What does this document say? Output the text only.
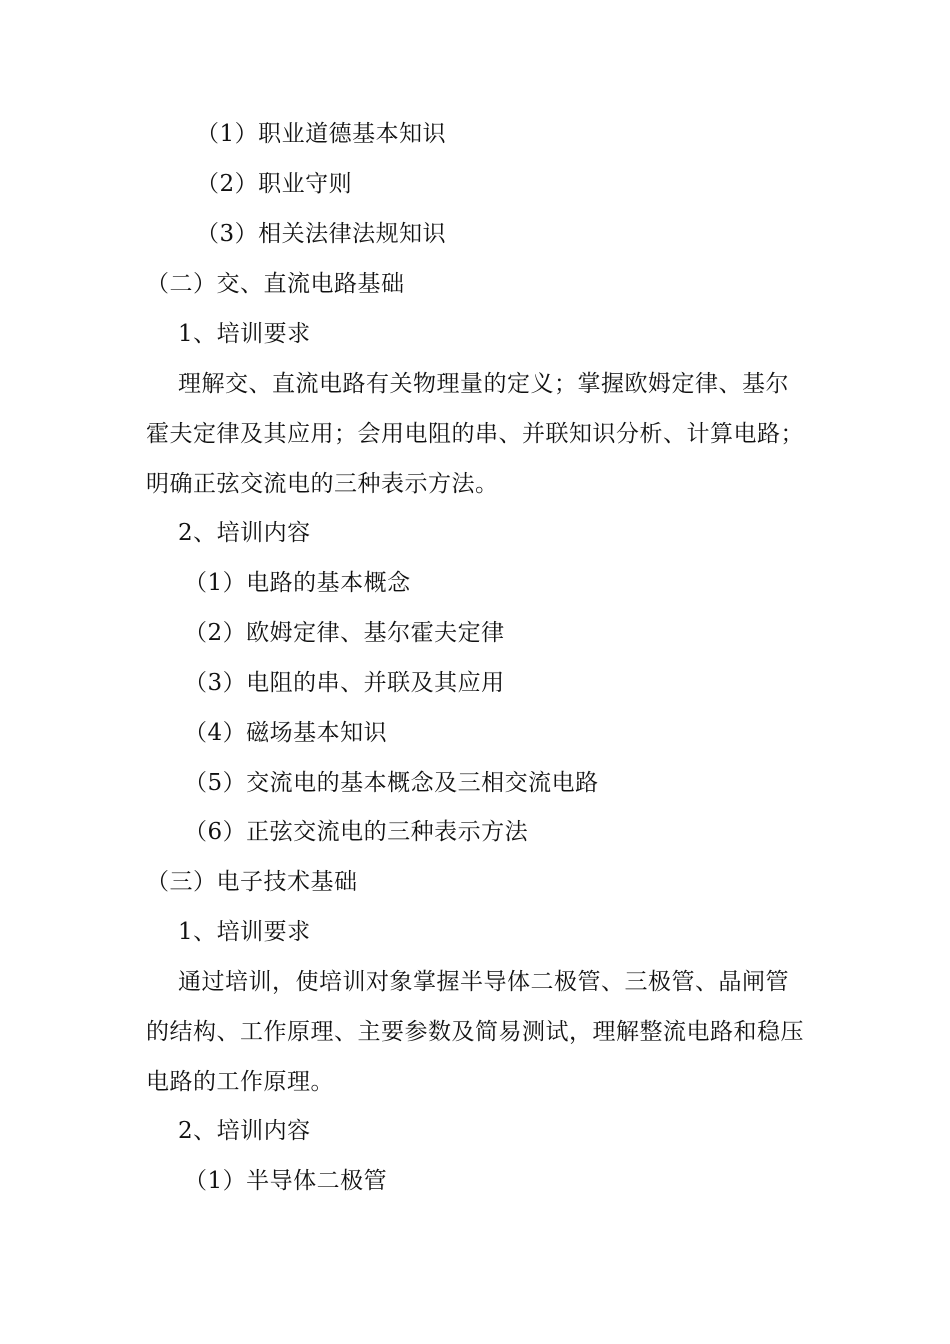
（1）职业道德基本知识
（2）职业守则
（3）相关法律法规知识
（二）交、直流电路基础
1、培训要求
理解交、直流电路有关物理量的定义；掌握欧姆定律、基尔
霍夫定律及其应用；会用电阻的串、并联知识分析、计算电路；
明确正弦交流电的三种表示方法。
2、培训内容
（1）电路的基本概念
（2）欧姆定律、基尔霍夫定律
（3）电阻的串、并联及其应用
（4）磁场基本知识
（5）交流电的基本概念及三相交流电路
（6）正弦交流电的三种表示方法
（三）电子技术基础
1、培训要求
通过培训，使培训对象掌握半导体二极管、三极管、晶闸管
的结构、工作原理、主要参数及简易测试，理解整流电路和稳压
电路的工作原理。
2、培训内容
（1）半导体二极管
